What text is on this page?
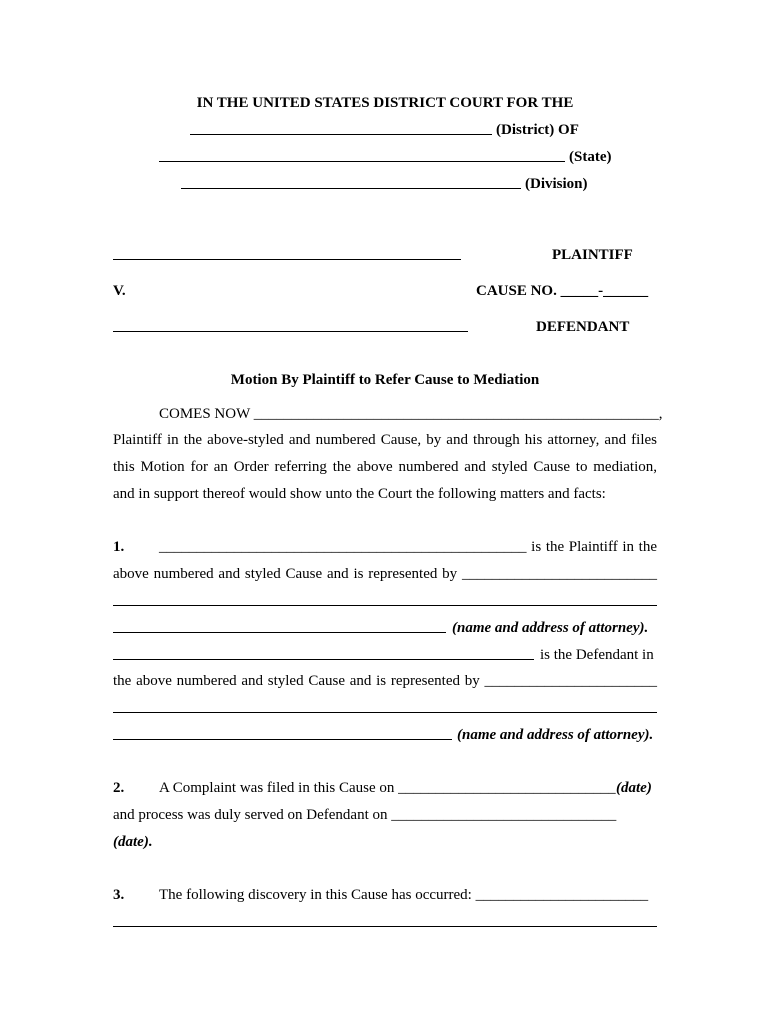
IN THE UNITED STATES DISTRICT COURT FOR THE
(District) OF
(State)
(Division)
PLAINTIFF
V.	CAUSE NO. _____-______
DEFENDANT
Motion By Plaintiff to Refer Cause to Mediation
COMES NOW ______________________________________________________,
Plaintiff in the above-styled and numbered Cause, by and through his attorney, and files
this Motion for an Order referring the above numbered and styled Cause to mediation,
and in support thereof would show unto the Court the following matters and facts:
1. _________________________________________________ is the Plaintiff in the
above numbered and styled Cause and is represented by __________________________
(name and address of attorney).
is the Defendant in
the above numbered and styled Cause and is represented by _______________________
(name and address of attorney).
2. A Complaint was filed in this Cause on _____________________________ (date)
and process was duly served on Defendant on ______________________________
(date).
3. The following discovery in this Cause has occurred: _______________________
